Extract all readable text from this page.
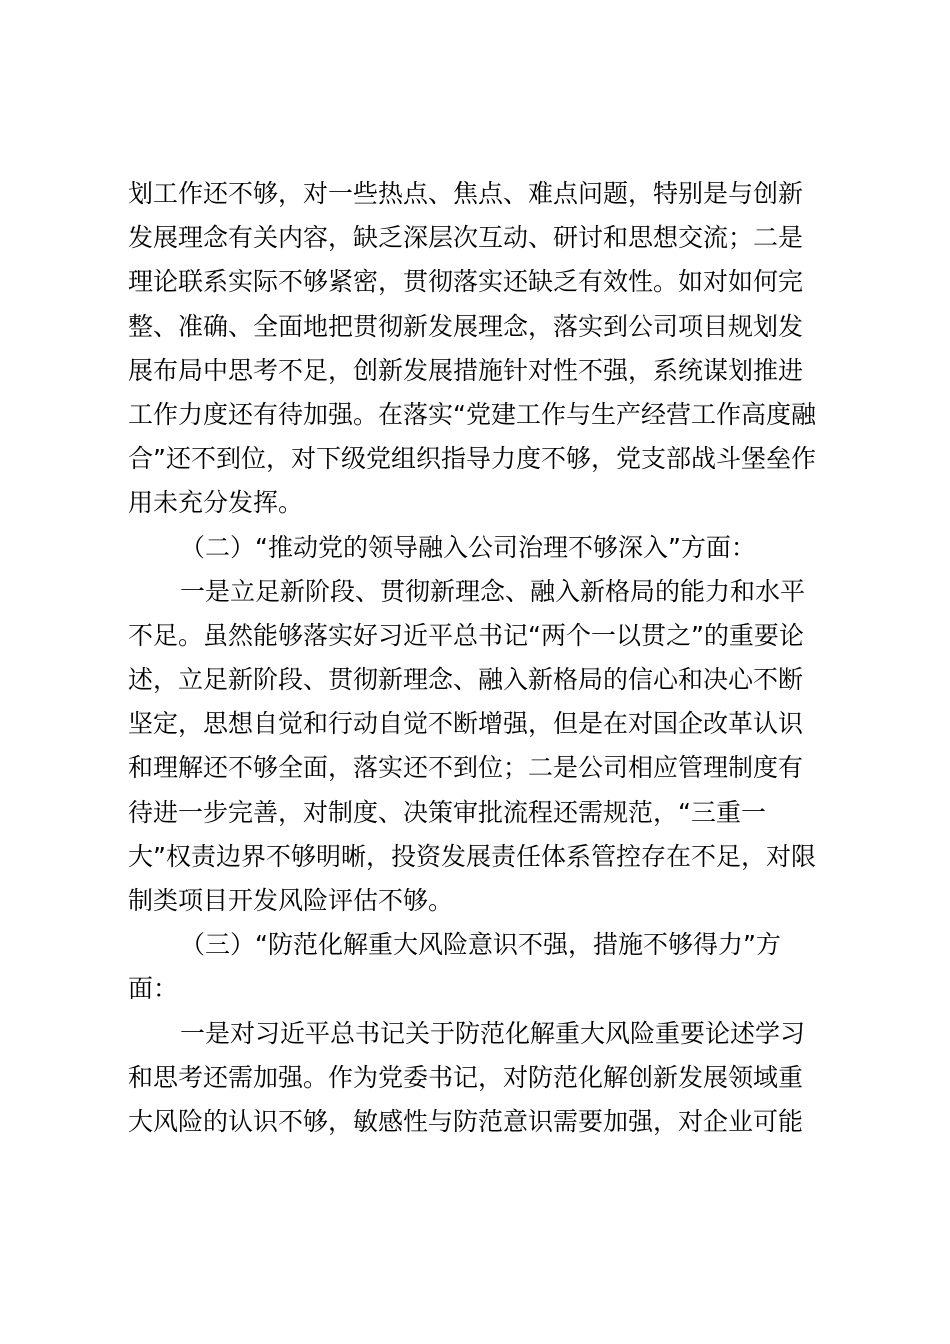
划工作还不够，对一些热点、焦点、难点问题，特别是与创新
发展理念有关内容，缺乏深层次互动、研讨和思想交流；二是
理论联系实际不够紧密，贯彻落实还缺乏有效性。如对如何完
整、准确、全面地把贯彻新发展理念，落实到公司项目规划发
展布局中思考不足，创新发展措施针对性不强，系统谋划推进
工作力度还有待加强。在落实“党建工作与生产经营工作高度融
合”还不到位，对下级党组织指导力度不够，党支部战斗堡垒作
用未充分发挥。
（二）“推动党的领导融入公司治理不够深入”方面：
一是立足新阶段、贯彻新理念、融入新格局的能力和水平
不足。虽然能够落实好习近平总书记“两个一以贯之”的重要论
述，立足新阶段、贯彻新理念、融入新格局的信心和决心不断
坚定，思想自觉和行动自觉不断增强，但是在对国企改革认识
和理解还不够全面，落实还不到位；二是公司相应管理制度有
待进一步完善，对制度、决策审批流程还需规范，“三重一
大”权责边界不够明晰，投资发展责任体系管控存在不足，对限
制类项目开发风险评估不够。
（三）“防范化解重大风险意识不强，措施不够得力”方
面：
一是对习近平总书记关于防范化解重大风险重要论述学习
和思考还需加强。作为党委书记，对防范化解创新发展领域重
大风险的认识不够，敏感性与防范意识需要加强，对企业可能
